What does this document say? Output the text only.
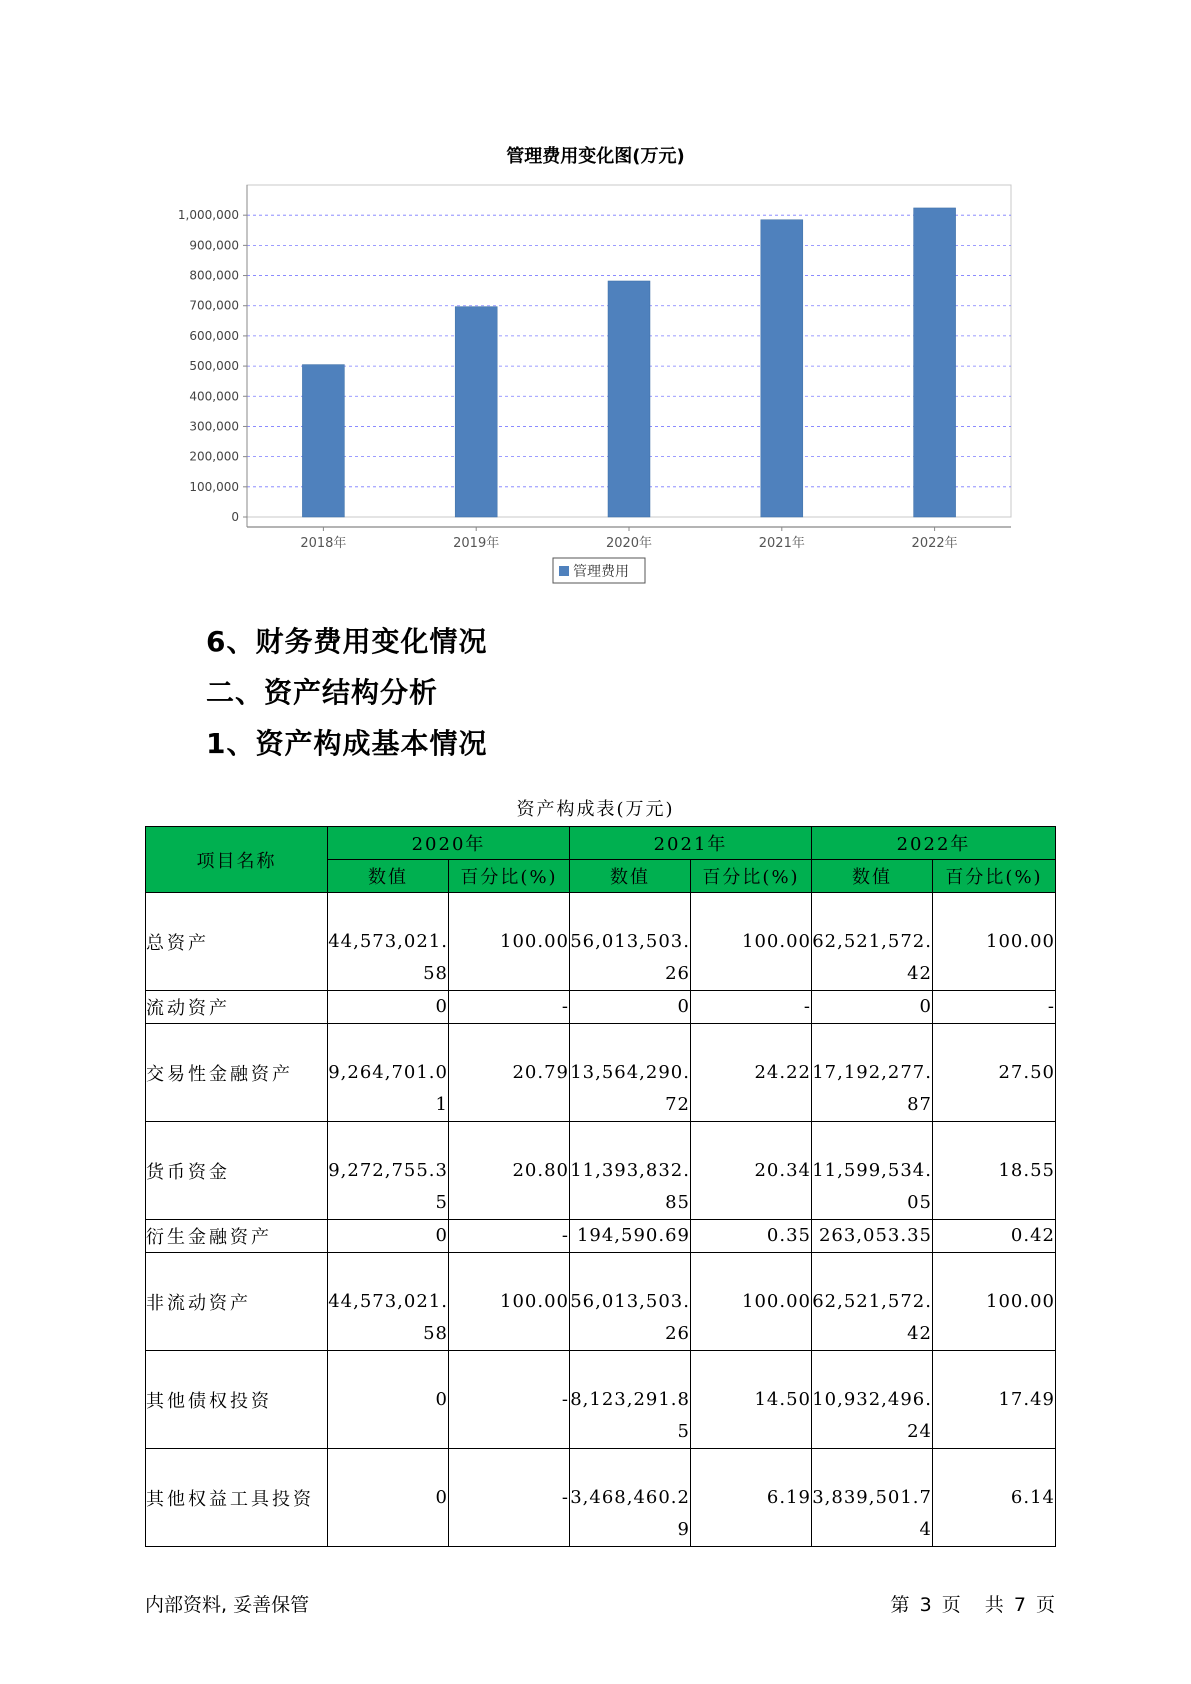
管理费用变化图(万元)
0
100,000
200,000
300,000
400,000
500,000
600,000
700,000
800,000
900,000
1,000,000
2018年	2019年	2020年	2021年	2022年
管理费用
6、财务费用变化情况
二、资产结构分析
1、资产构成基本情况
资产构成表(万元)
项目名称	2020年		2021年		2022年	
	数值	百分比(%)	数值	百分比(%)	数值	百分比(%)
总资产	44,573,021.58	100.00	56,013,503.26	100.00	62,521,572.42	100.00
流动资产	0	-	0	-	0	-
交易性金融资产	9,264,701.01	20.79	13,564,290.72	24.22	17,192,277.87	27.50
货币资金	9,272,755.35	20.80	11,393,832.85	20.34	11,599,534.05	18.55
衍生金融资产	0	-	194,590.69	0.35	263,053.35	0.42
非流动资产	44,573,021.58	100.00	56,013,503.26	100.00	62,521,572.42	100.00
其他债权投资	0	-	8,123,291.85	14.50	10,932,496.24	17.49
其他权益工具投资	0	-	3,468,460.29	6.19	3,839,501.74	6.14
内部资料, 妥善保管	第 3 页 共 7 页
